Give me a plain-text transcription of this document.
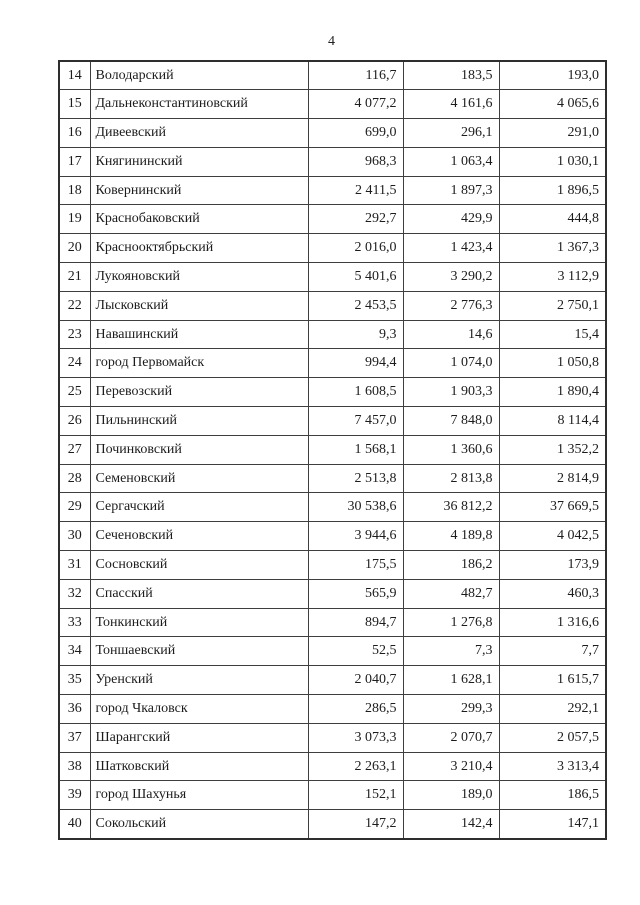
4
14	Володарский	116,7	183,5	193,0
15	Дальнеконстантиновский	4 077,2	4 161,6	4 065,6
16	Дивеевский	699,0	296,1	291,0
17	Княгининский	968,3	1 063,4	1 030,1
18	Ковернинский	2 411,5	1 897,3	1 896,5
19	Краснобаковский	292,7	429,9	444,8
20	Краснооктябрьский	2 016,0	1 423,4	1 367,3
21	Лукояновский	5 401,6	3 290,2	3 112,9
22	Лысковский	2 453,5	2 776,3	2 750,1
23	Навашинский	9,3	14,6	15,4
24	город Первомайск	994,4	1 074,0	1 050,8
25	Перевозский	1 608,5	1 903,3	1 890,4
26	Пильнинский	7 457,0	7 848,0	8 114,4
27	Починковский	1 568,1	1 360,6	1 352,2
28	Семеновский	2 513,8	2 813,8	2 814,9
29	Сергачский	30 538,6	36 812,2	37 669,5
30	Сеченовский	3 944,6	4 189,8	4 042,5
31	Сосновский	175,5	186,2	173,9
32	Спасский	565,9	482,7	460,3
33	Тонкинский	894,7	1 276,8	1 316,6
34	Тоншаевский	52,5	7,3	7,7
35	Уренский	2 040,7	1 628,1	1 615,7
36	город Чкаловск	286,5	299,3	292,1
37	Шарангский	3 073,3	2 070,7	2 057,5
38	Шатковский	2 263,1	3 210,4	3 313,4
39	город Шахунья	152,1	189,0	186,5
40	Сокольский	147,2	142,4	147,1
